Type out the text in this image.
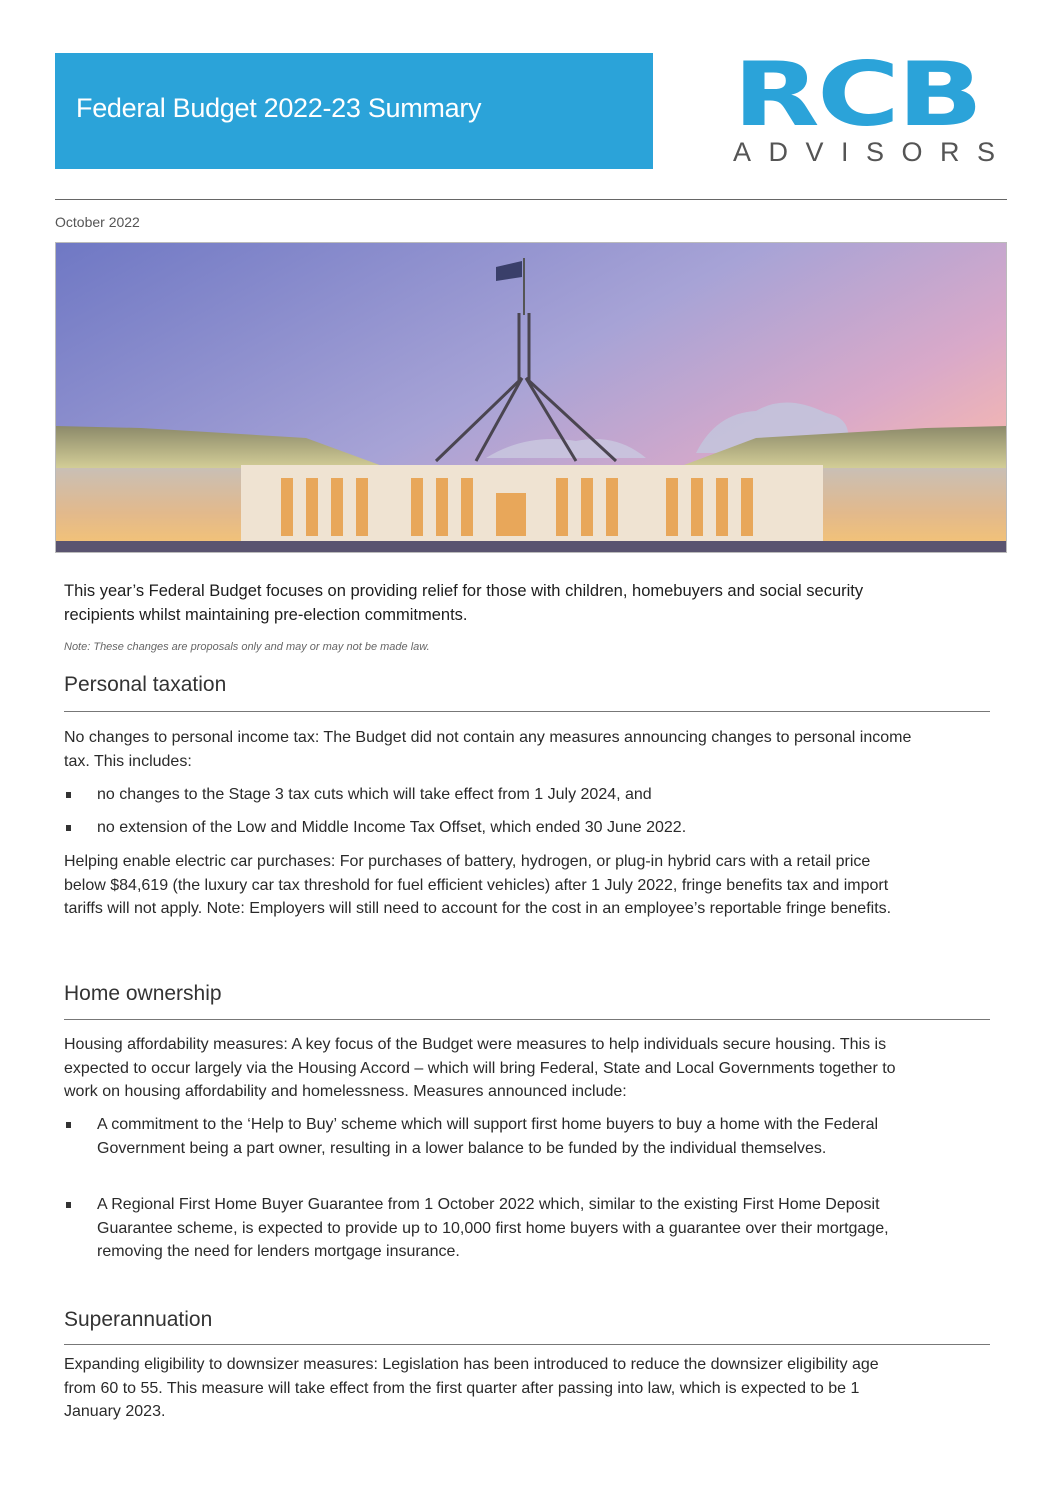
Federal Budget 2022-23 Summary	RCB
ADVISORS
October 2022
This year’s Federal Budget focuses on providing relief for those with children, homebuyers and social security recipients whilst maintaining pre-election commitments.
Note: These changes are proposals only and may or may not be made law.
Personal taxation
No changes to personal income tax: The Budget did not contain any measures announcing changes to personal income tax. This includes:
no changes to the Stage 3 tax cuts which will take effect from 1 July 2024, and
no extension of the Low and Middle Income Tax Offset, which ended 30 June 2022.
Helping enable electric car purchases: For purchases of battery, hydrogen, or plug-in hybrid cars with a retail price below $84,619 (the luxury car tax threshold for fuel efficient vehicles) after 1 July 2022, fringe benefits tax and import tariffs will not apply. Note: Employers will still need to account for the cost in an employee’s reportable fringe benefits.
Home ownership
Housing affordability measures: A key focus of the Budget were measures to help individuals secure housing. This is expected to occur largely via the Housing Accord – which will bring Federal, State and Local Governments together to work on housing affordability and homelessness. Measures announced include:
A commitment to the ‘Help to Buy’ scheme which will support first home buyers to buy a home with the Federal Government being a part owner, resulting in a lower balance to be funded by the individual themselves.
A Regional First Home Buyer Guarantee from 1 October 2022 which, similar to the existing First Home Deposit Guarantee scheme, is expected to provide up to 10,000 first home buyers with a guarantee over their mortgage, removing the need for lenders mortgage insurance.
Superannuation
Expanding eligibility to downsizer measures: Legislation has been introduced to reduce the downsizer eligibility age from 60 to 55. This measure will take effect from the first quarter after passing into law, which is expected to be 1 January 2023.
